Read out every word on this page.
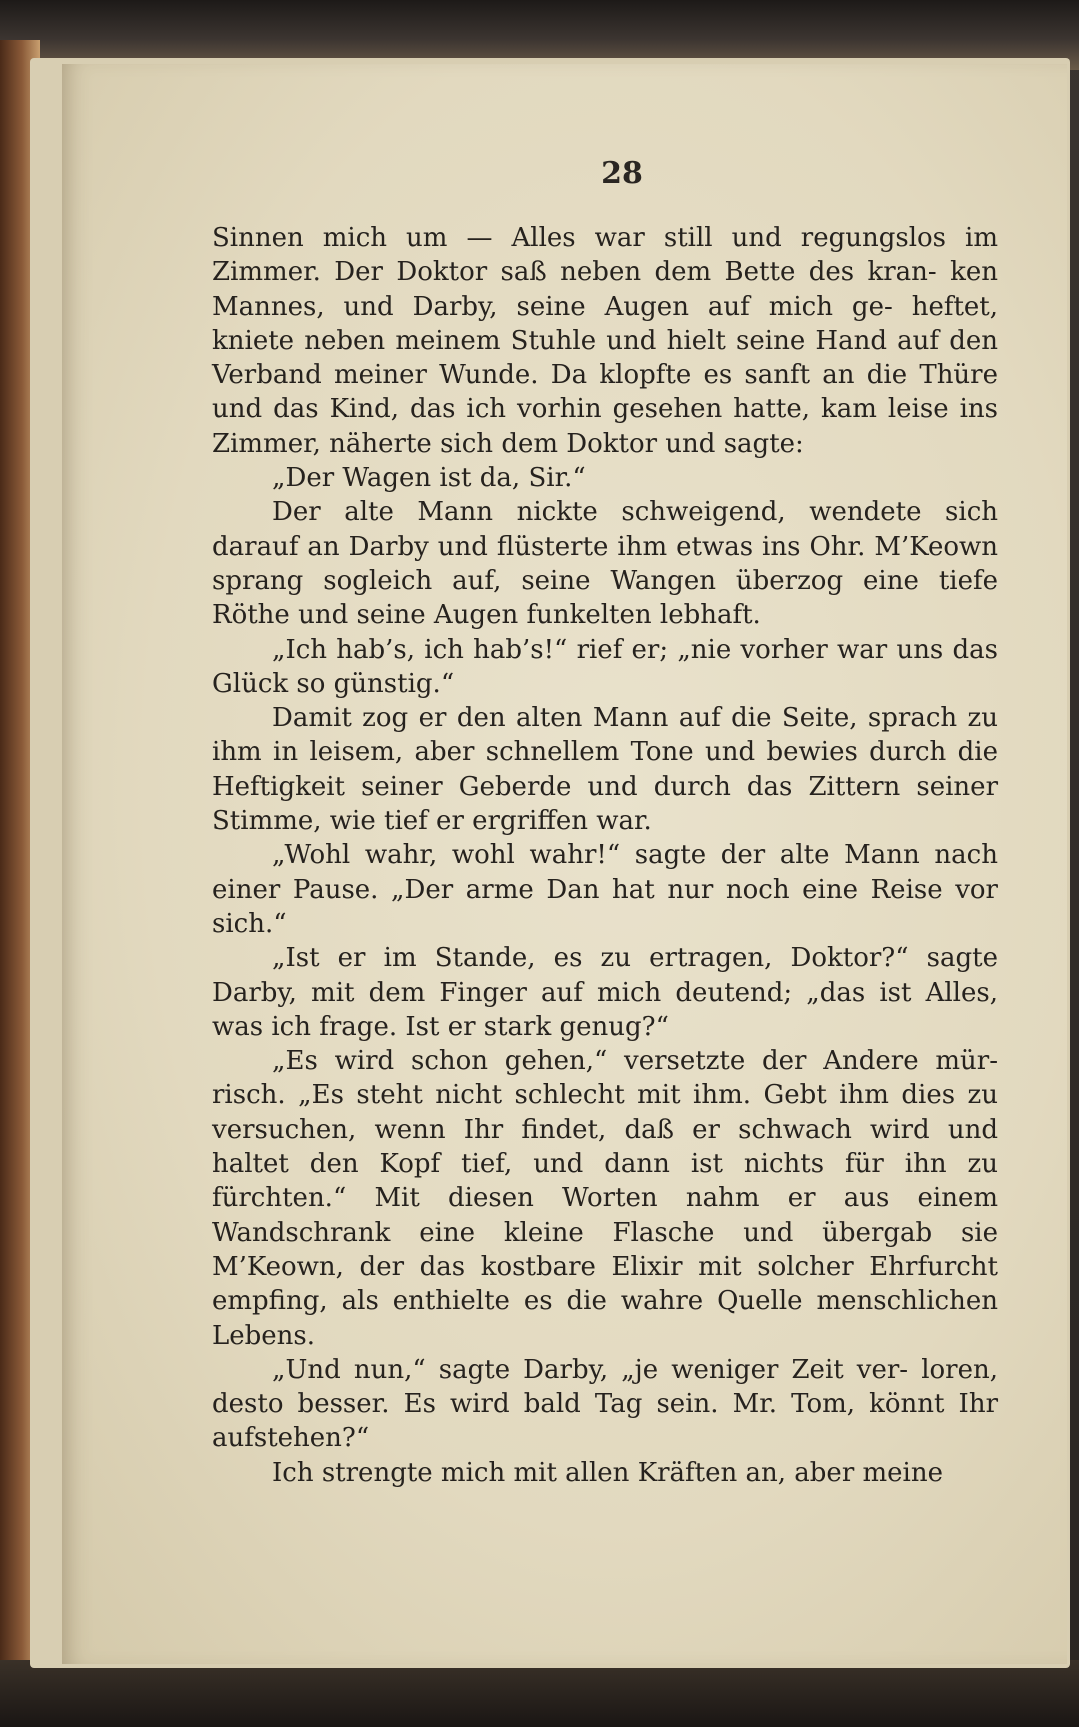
28

Sinnen mich um — Alles war still und regungslos im Zimmer. Der Doktor saß neben dem Bette des kran- ken Mannes, und Darby, seine Augen auf mich ge- heftet, kniete neben meinem Stuhle und hielt seine Hand auf den Verband meiner Wunde. Da klopfte es sanft an die Thüre und das Kind, das ich vorhin gesehen hatte, kam leise ins Zimmer, näherte sich dem Doktor und sagte:

„Der Wagen ist da, Sir.“

Der alte Mann nickte schweigend, wendete sich darauf an Darby und flüsterte ihm etwas ins Ohr. M’Keown sprang sogleich auf, seine Wangen überzog eine tiefe Röthe und seine Augen funkelten lebhaft.

„Ich hab’s, ich hab’s!“ rief er; „nie vorher war uns das Glück so günstig.“

Damit zog er den alten Mann auf die Seite, sprach zu ihm in leisem, aber schnellem Tone und bewies durch die Heftigkeit seiner Geberde und durch das Zittern seiner Stimme, wie tief er ergriffen war.

„Wohl wahr, wohl wahr!“ sagte der alte Mann nach einer Pause. „Der arme Dan hat nur noch eine Reise vor sich.“

„Ist er im Stande, es zu ertragen, Doktor?“ sagte Darby, mit dem Finger auf mich deutend; „das ist Alles, was ich frage. Ist er stark genug?“

„Es wird schon gehen,“ versetzte der Andere mür- risch. „Es steht nicht schlecht mit ihm. Gebt ihm dies zu versuchen, wenn Ihr findet, daß er schwach wird und haltet den Kopf tief, und dann ist nichts für ihn zu fürchten.“ Mit diesen Worten nahm er aus einem Wandschrank eine kleine Flasche und übergab sie M’Keown, der das kostbare Elixir mit solcher Ehrfurcht empfing, als enthielte es die wahre Quelle menschlichen Lebens.

„Und nun,“ sagte Darby, „je weniger Zeit ver- loren, desto besser. Es wird bald Tag sein. Mr. Tom, könnt Ihr aufstehen?“

Ich strengte mich mit allen Kräften an, aber meine
